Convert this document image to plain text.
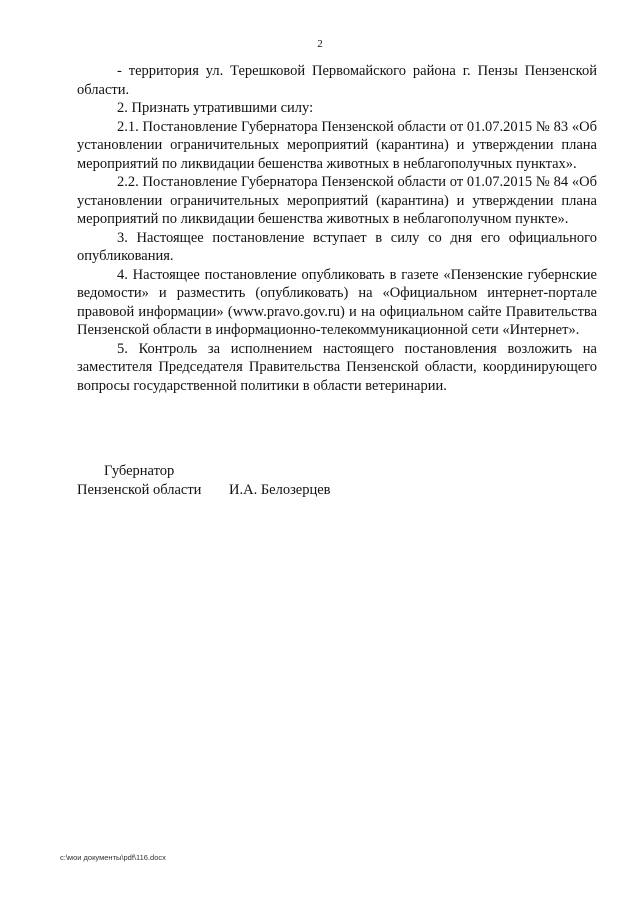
2

- территория ул. Терешковой Первомайского района г. Пензы Пензенской области.

2. Признать утратившими силу:

2.1. Постановление Губернатора Пензенской области от 01.07.2015 № 83 «Об установлении ограничительных мероприятий (карантина) и утверждении плана мероприятий по ликвидации бешенства животных в неблагополучных пунктах».

2.2. Постановление Губернатора Пензенской области от 01.07.2015 № 84 «Об установлении ограничительных мероприятий (карантина) и утверждении плана мероприятий по ликвидации бешенства животных в неблагополучном пункте».

3. Настоящее постановление вступает в силу со дня его официального опубликования.

4. Настоящее постановление опубликовать в газете «Пензенские губернские ведомости» и разместить (опубликовать) на «Официальном интернет-портале правовой информации» (www.pravo.gov.ru) и на официальном сайте Правительства Пензенской области в информационно-телекоммуникационной сети «Интернет».

5. Контроль за исполнением настоящего постановления возложить на заместителя Председателя Правительства Пензенской области, координирующего вопросы государственной политики в области ветеринарии.

Губернатор
Пензенской области	И.А. Белозерцев
c:\мои документы\pdf\116.docx
